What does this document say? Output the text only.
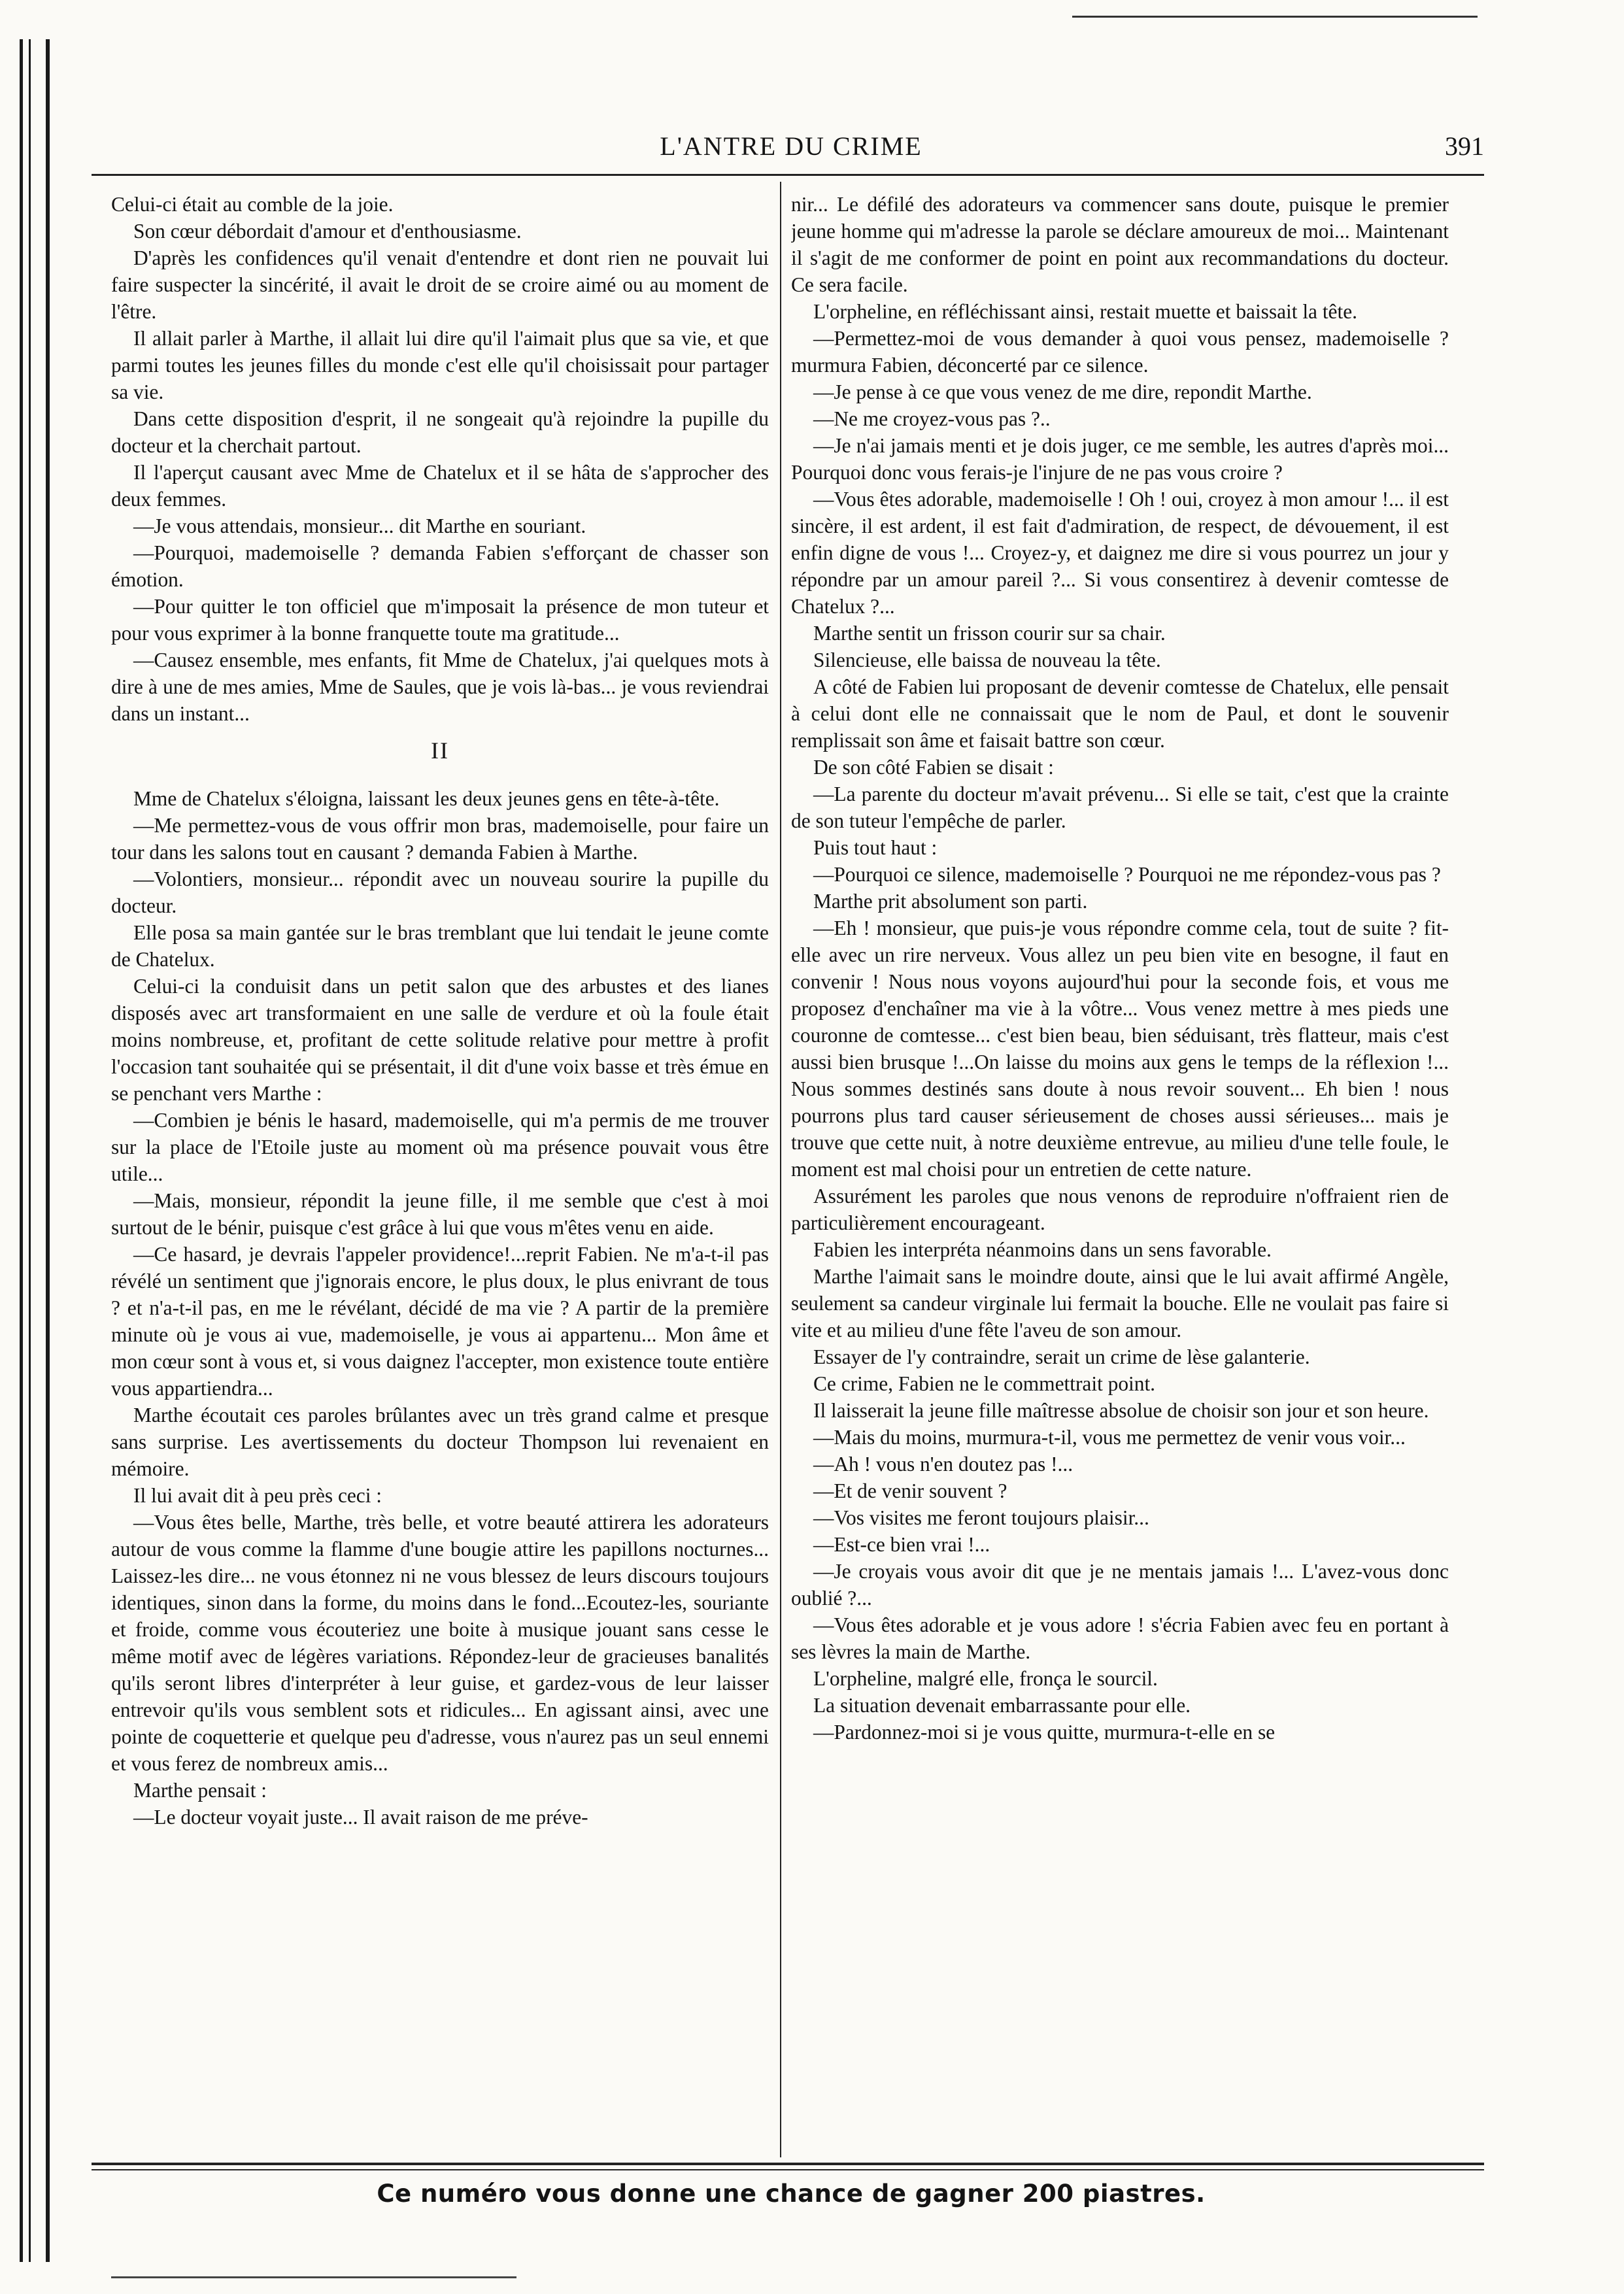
L'ANTRE DU CRIME	391

Celui-ci était au comble de la joie.

Son cœur débordait d'amour et d'enthousiasme.

D'après les confidences qu'il venait d'entendre et dont rien ne pouvait lui faire suspecter la sincérité, il avait le droit de se croire aimé ou au moment de l'être.

Il allait parler à Marthe, il allait lui dire qu'il l'aimait plus que sa vie, et que parmi toutes les jeunes filles du monde c'est elle qu'il choisissait pour partager sa vie.

Dans cette disposition d'esprit, il ne songeait qu'à rejoindre la pupille du docteur et la cherchait partout.

Il l'aperçut causant avec Mme de Chatelux et il se hâta de s'approcher des deux femmes.

—Je vous attendais, monsieur... dit Marthe en souriant.

—Pourquoi, mademoiselle ? demanda Fabien s'efforçant de chasser son émotion.

—Pour quitter le ton officiel que m'imposait la présence de mon tuteur et pour vous exprimer à la bonne franquette toute ma gratitude...

—Causez ensemble, mes enfants, fit Mme de Chatelux, j'ai quelques mots à dire à une de mes amies, Mme de Saules, que je vois là-bas... je vous reviendrai dans un instant...

II

Mme de Chatelux s'éloigna, laissant les deux jeunes gens en tête-à-tête.

—Me permettez-vous de vous offrir mon bras, mademoiselle, pour faire un tour dans les salons tout en causant ? demanda Fabien à Marthe.

—Volontiers, monsieur... répondit avec un nouveau sourire la pupille du docteur.

Elle posa sa main gantée sur le bras tremblant que lui tendait le jeune comte de Chatelux.

Celui-ci la conduisit dans un petit salon que des arbustes et des lianes disposés avec art transformaient en une salle de verdure et où la foule était moins nombreuse, et, profitant de cette solitude relative pour mettre à profit l'occasion tant souhaitée qui se présentait, il dit d'une voix basse et très émue en se penchant vers Marthe :

—Combien je bénis le hasard, mademoiselle, qui m'a permis de me trouver sur la place de l'Etoile juste au moment où ma présence pouvait vous être utile...

—Mais, monsieur, répondit la jeune fille, il me semble que c'est à moi surtout de le bénir, puisque c'est grâce à lui que vous m'êtes venu en aide.

—Ce hasard, je devrais l'appeler providence!...reprit Fabien. Ne m'a-t-il pas révélé un sentiment que j'ignorais encore, le plus doux, le plus enivrant de tous ? et n'a-t-il pas, en me le révélant, décidé de ma vie ? A partir de la première minute où je vous ai vue, mademoiselle, je vous ai appartenu... Mon âme et mon cœur sont à vous et, si vous daignez l'accepter, mon existence toute entière vous appartiendra...

Marthe écoutait ces paroles brûlantes avec un très grand calme et presque sans surprise. Les avertissements du docteur Thompson lui revenaient en mémoire.

Il lui avait dit à peu près ceci :

—Vous êtes belle, Marthe, très belle, et votre beauté attirera les adorateurs autour de vous comme la flamme d'une bougie attire les papillons nocturnes... Laissez-les dire... ne vous étonnez ni ne vous blessez de leurs discours toujours identiques, sinon dans la forme, du moins dans le fond...Ecoutez-les, souriante et froide, comme vous écouteriez une boite à musique jouant sans cesse le même motif avec de légères variations. Répondez-leur de gracieuses banalités qu'ils seront libres d'interpréter à leur guise, et gardez-vous de leur laisser entrevoir qu'ils vous semblent sots et ridicules... En agissant ainsi, avec une pointe de coquetterie et quelque peu d'adresse, vous n'aurez pas un seul ennemi et vous ferez de nombreux amis...

Marthe pensait :

—Le docteur voyait juste... Il avait raison de me préve-

nir... Le défilé des adorateurs va commencer sans doute, puisque le premier jeune homme qui m'adresse la parole se déclare amoureux de moi... Maintenant il s'agit de me conformer de point en point aux recommandations du docteur. Ce sera facile.

L'orpheline, en réfléchissant ainsi, restait muette et baissait la tête.

—Permettez-moi de vous demander à quoi vous pensez, mademoiselle ? murmura Fabien, déconcerté par ce silence.

—Je pense à ce que vous venez de me dire, repondit Marthe.

—Ne me croyez-vous pas ?..

—Je n'ai jamais menti et je dois juger, ce me semble, les autres d'après moi... Pourquoi donc vous ferais-je l'injure de ne pas vous croire ?

—Vous êtes adorable, mademoiselle ! Oh ! oui, croyez à mon amour !... il est sincère, il est ardent, il est fait d'admiration, de respect, de dévouement, il est enfin digne de vous !... Croyez-y, et daignez me dire si vous pourrez un jour y répondre par un amour pareil ?... Si vous consentirez à devenir comtesse de Chatelux ?...

Marthe sentit un frisson courir sur sa chair.

Silencieuse, elle baissa de nouveau la tête.

A côté de Fabien lui proposant de devenir comtesse de Chatelux, elle pensait à celui dont elle ne connaissait que le nom de Paul, et dont le souvenir remplissait son âme et faisait battre son cœur.

De son côté Fabien se disait :

—La parente du docteur m'avait prévenu... Si elle se tait, c'est que la crainte de son tuteur l'empêche de parler.

Puis tout haut :

—Pourquoi ce silence, mademoiselle ? Pourquoi ne me répondez-vous pas ?

Marthe prit absolument son parti.

—Eh ! monsieur, que puis-je vous répondre comme cela, tout de suite ? fit-elle avec un rire nerveux. Vous allez un peu bien vite en besogne, il faut en convenir ! Nous nous voyons aujourd'hui pour la seconde fois, et vous me proposez d'enchaîner ma vie à la vôtre... Vous venez mettre à mes pieds une couronne de comtesse... c'est bien beau, bien séduisant, très flatteur, mais c'est aussi bien brusque !...On laisse du moins aux gens le temps de la réflexion !... Nous sommes destinés sans doute à nous revoir souvent... Eh bien ! nous pourrons plus tard causer sérieusement de choses aussi sérieuses... mais je trouve que cette nuit, à notre deuxième entrevue, au milieu d'une telle foule, le moment est mal choisi pour un entretien de cette nature.

Assurément les paroles que nous venons de reproduire n'offraient rien de particulièrement encourageant.

Fabien les interpréta néanmoins dans un sens favorable.

Marthe l'aimait sans le moindre doute, ainsi que le lui avait affirmé Angèle, seulement sa candeur virginale lui fermait la bouche. Elle ne voulait pas faire si vite et au milieu d'une fête l'aveu de son amour.

Essayer de l'y contraindre, serait un crime de lèse galanterie.

Ce crime, Fabien ne le commettrait point.

Il laisserait la jeune fille maîtresse absolue de choisir son jour et son heure.

—Mais du moins, murmura-t-il, vous me permettez de venir vous voir...

—Ah ! vous n'en doutez pas !...

—Et de venir souvent ?

—Vos visites me feront toujours plaisir...

—Est-ce bien vrai !...

—Je croyais vous avoir dit que je ne mentais jamais !... L'avez-vous donc oublié ?...

—Vous êtes adorable et je vous adore ! s'écria Fabien avec feu en portant à ses lèvres la main de Marthe.

L'orpheline, malgré elle, fronça le sourcil.

La situation devenait embarrassante pour elle.

—Pardonnez-moi si je vous quitte, murmura-t-elle en se

Ce numéro vous donne une chance de gagner 200 piastres.
